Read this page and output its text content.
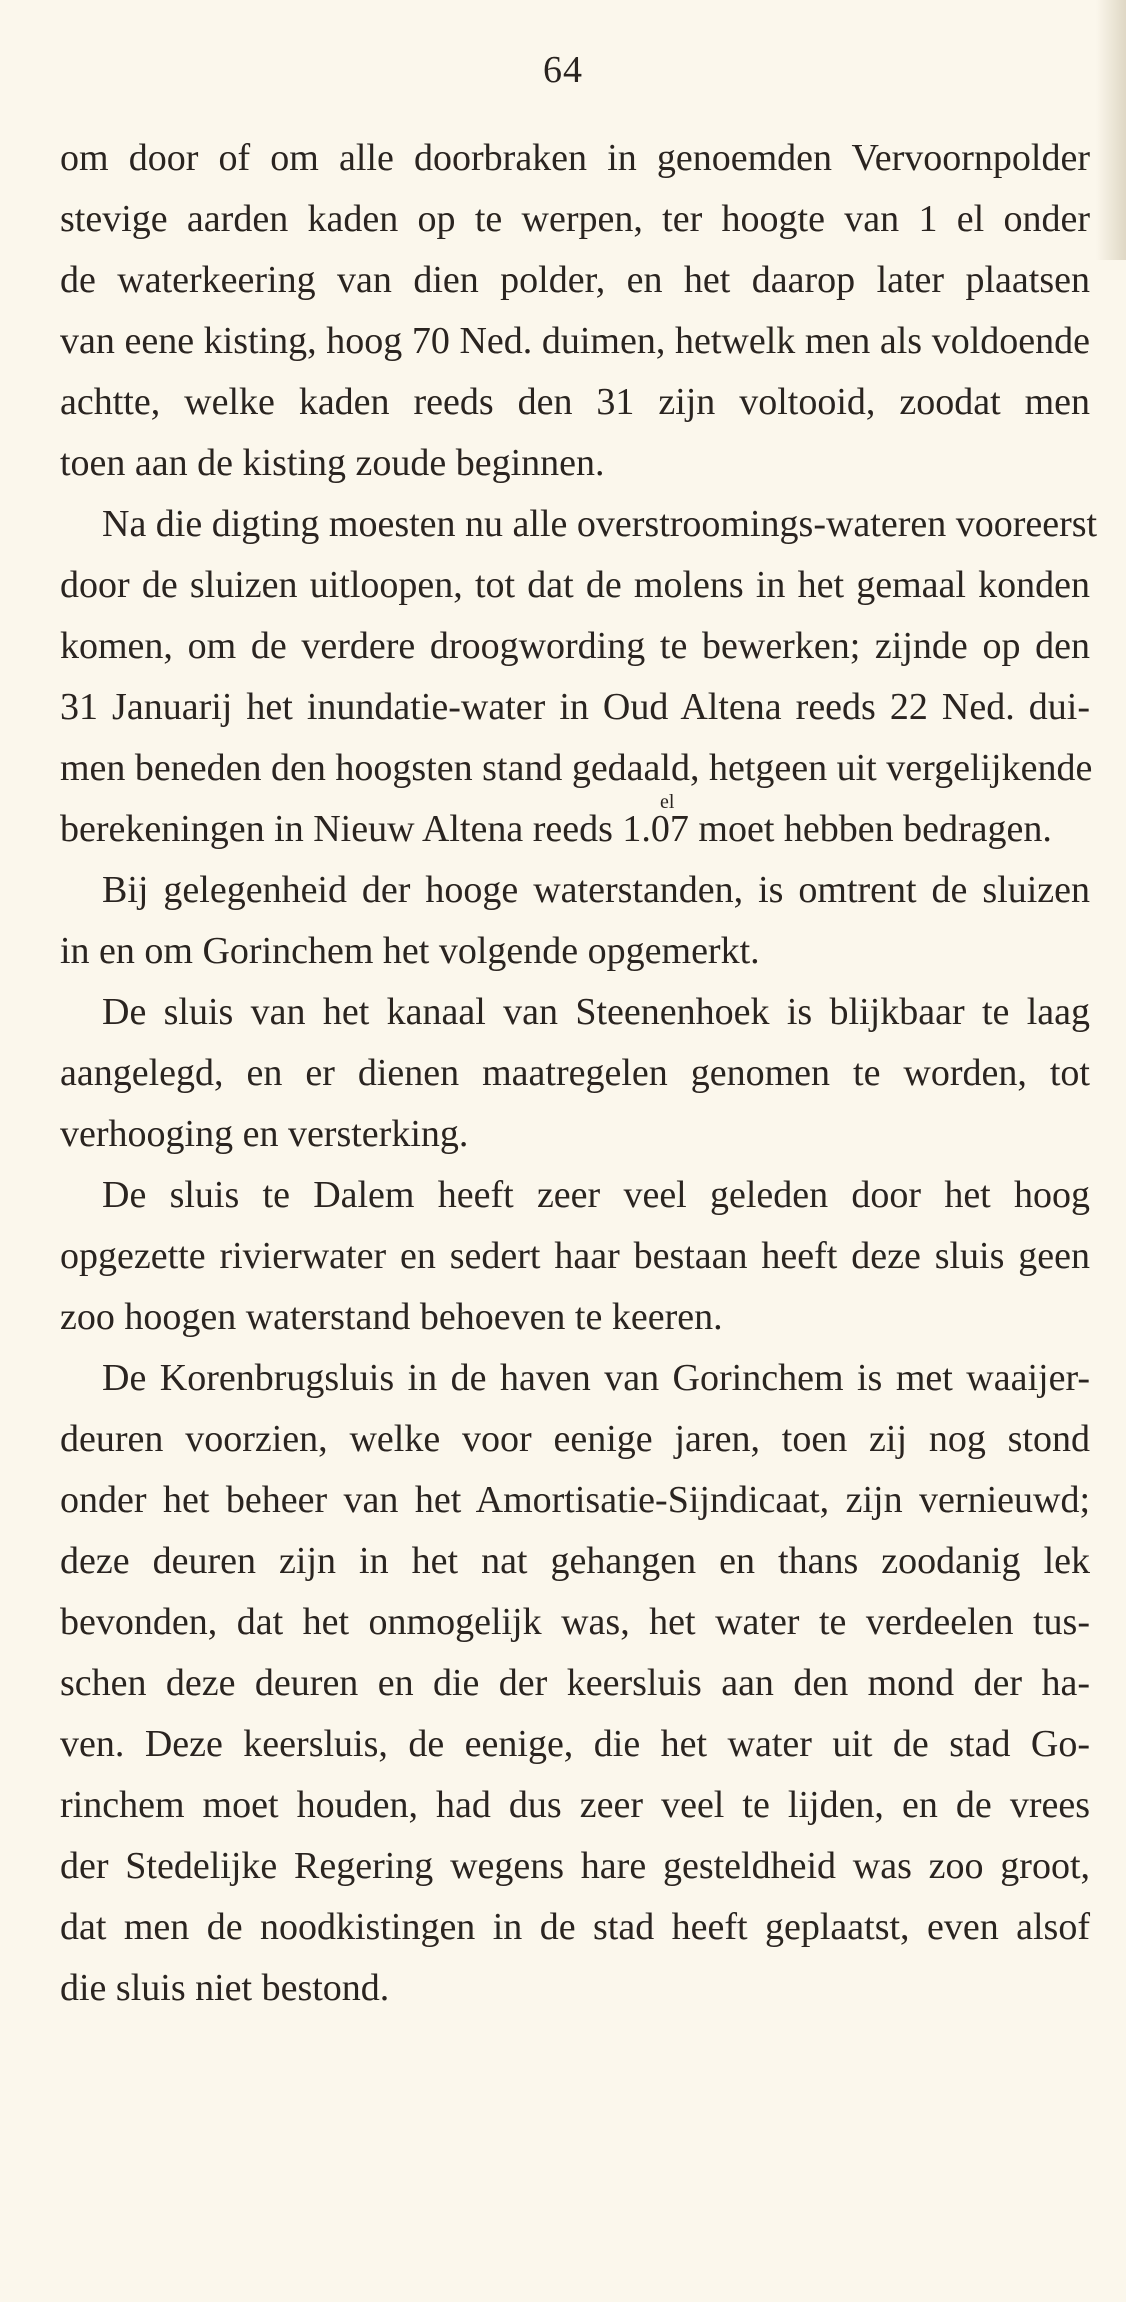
64
om door of om alle doorbraken in genoemden Vervoornpolder
stevige aarden kaden op te werpen, ter hoogte van 1 el onder
de waterkeering van dien polder, en het daarop later plaatsen
van eene kisting, hoog 70 Ned. duimen, hetwelk men als voldoende
achtte, welke kaden reeds den 31 zijn voltooid, zoodat men
toen aan de kisting zoude beginnen.
Na die digting moesten nu alle overstroomings-wateren vooreerst
door de sluizen uitloopen, tot dat de molens in het gemaal konden
komen, om de verdere droogwording te bewerken; zijnde op den
31 Januarij het inundatie-water in Oud Altena reeds 22 Ned. dui-
men beneden den hoogsten stand gedaald, hetgeen uit vergelijkende
el
berekeningen in Nieuw Altena reeds 1.07 moet hebben bedragen.
Bij gelegenheid der hooge waterstanden, is omtrent de sluizen
in en om Gorinchem het volgende opgemerkt.
De sluis van het kanaal van Steenenhoek is blijkbaar te laag
aangelegd, en er dienen maatregelen genomen te worden, tot
verhooging en versterking.
De sluis te Dalem heeft zeer veel geleden door het hoog
opgezette rivierwater en sedert haar bestaan heeft deze sluis geen
zoo hoogen waterstand behoeven te keeren.
De Korenbrugsluis in de haven van Gorinchem is met waaijer-
deuren voorzien, welke voor eenige jaren, toen zij nog stond
onder het beheer van het Amortisatie-Sijndicaat, zijn vernieuwd;
deze deuren zijn in het nat gehangen en thans zoodanig lek
bevonden, dat het onmogelijk was, het water te verdeelen tus-
schen deze deuren en die der keersluis aan den mond der ha-
ven. Deze keersluis, de eenige, die het water uit de stad Go-
rinchem moet houden, had dus zeer veel te lijden, en de vrees
der Stedelijke Regering wegens hare gesteldheid was zoo groot,
dat men de noodkistingen in de stad heeft geplaatst, even alsof
die sluis niet bestond.
